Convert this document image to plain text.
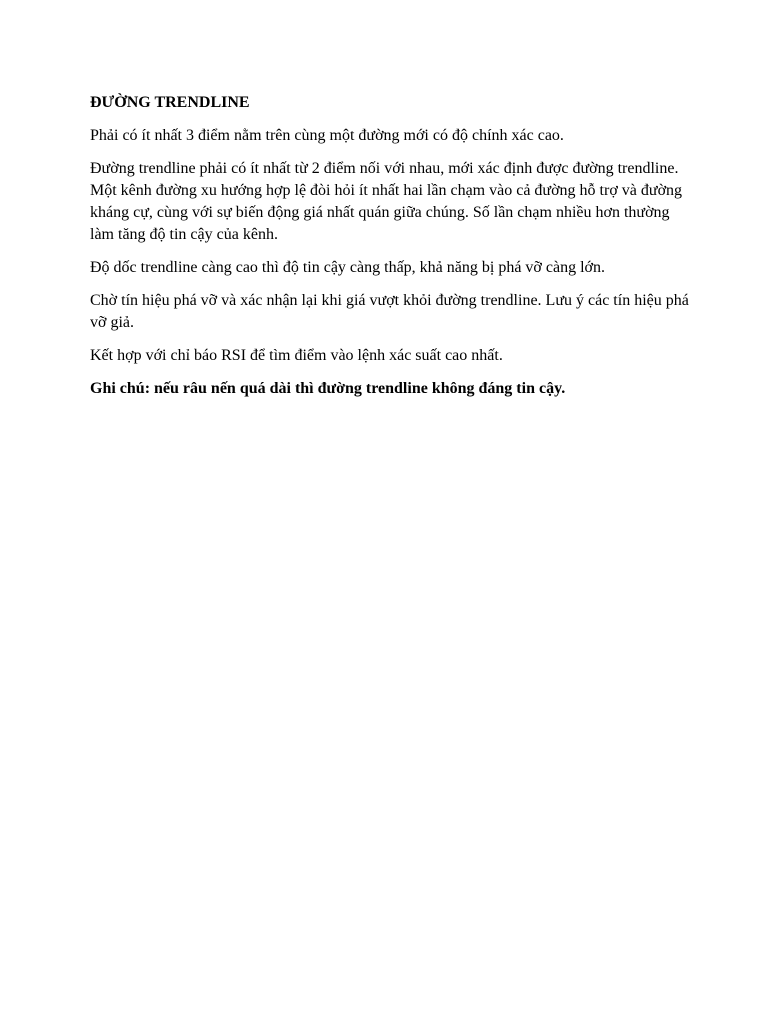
ĐƯỜNG TRENDLINE

Phải có ít nhất 3 điểm nằm trên cùng một đường mới có độ chính xác cao.

Đường trendline phải có ít nhất từ 2 điểm nối với nhau, mới xác định được đường trendline. Một kênh đường xu hướng hợp lệ đòi hỏi ít nhất hai lần chạm vào cả đường hỗ trợ và đường kháng cự, cùng với sự biến động giá nhất quán giữa chúng. Số lần chạm nhiều hơn thường làm tăng độ tin cậy của kênh.

Độ dốc trendline càng cao thì độ tin cậy càng thấp, khả năng bị phá vỡ càng lớn.

Chờ tín hiệu phá vỡ và xác nhận lại khi giá vượt khỏi đường trendline. Lưu ý các tín hiệu phá vỡ giả.

Kết hợp với chỉ báo RSI để tìm điểm vào lệnh xác suất cao nhất.

Ghi chú: nếu râu nến quá dài thì đường trendline không đáng tin cậy.
